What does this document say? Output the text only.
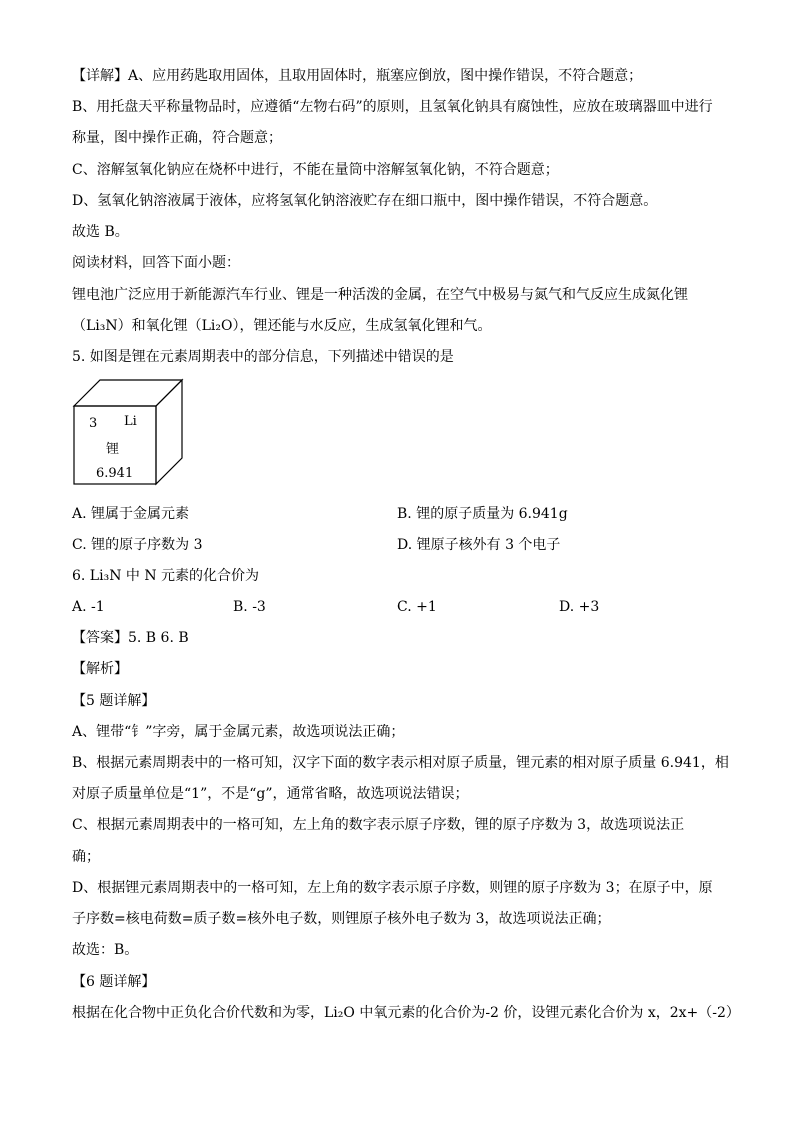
【详解】A、应用药匙取用固体，且取用固体时，瓶塞应倒放，图中操作错误，不符合题意；
B、用托盘天平称量物品时，应遵循“左物右码”的原则，且氢氧化钠具有腐蚀性，应放在玻璃器皿中进行
称量，图中操作正确，符合题意；
C、溶解氢氧化钠应在烧杯中进行，不能在量筒中溶解氢氧化钠，不符合题意；
D、氢氧化钠溶液属于液体，应将氢氧化钠溶液贮存在细口瓶中，图中操作错误，不符合题意。
故选 B。
阅读材料，回答下面小题：
锂电池广泛应用于新能源汽车行业、锂是一种活泼的金属，在空气中极易与氮气和气反应生成氮化锂
（Li₃N）和氧化锂（Li₂O），锂还能与水反应，生成氢氧化锂和气。
5. 如图是锂在元素周期表中的部分信息，下列描述中错误的是
3 Li
锂
6.941
A. 锂属于金属元素	B. 锂的原子质量为 6.941g
C. 锂的原子序数为 3	D. 锂原子核外有 3 个电子
6. Li₃N 中 N 元素的化合价为
A. -1	B. -3	C. +1	D. +3
【答案】5. B 6. B
【解析】
【5 题详解】
A、锂带“钅”字旁，属于金属元素，故选项说法正确；
B、根据元素周期表中的一格可知，汉字下面的数字表示相对原子质量，锂元素的相对原子质量 6.941，相
对原子质量单位是“1”，不是“g”，通常省略，故选项说法错误；
C、根据元素周期表中的一格可知，左上角的数字表示原子序数，锂的原子序数为 3，故选项说法正
确；
D、根据锂元素周期表中的一格可知，左上角的数字表示原子序数，则锂的原子序数为 3；在原子中，原
子序数=核电荷数=质子数=核外电子数，则锂原子核外电子数为 3，故选项说法正确；
故选：B。
【6 题详解】
根据在化合物中正负化合价代数和为零，Li₂O 中氧元素的化合价为-2 价，设锂元素化合价为 x，2x+（-2）
